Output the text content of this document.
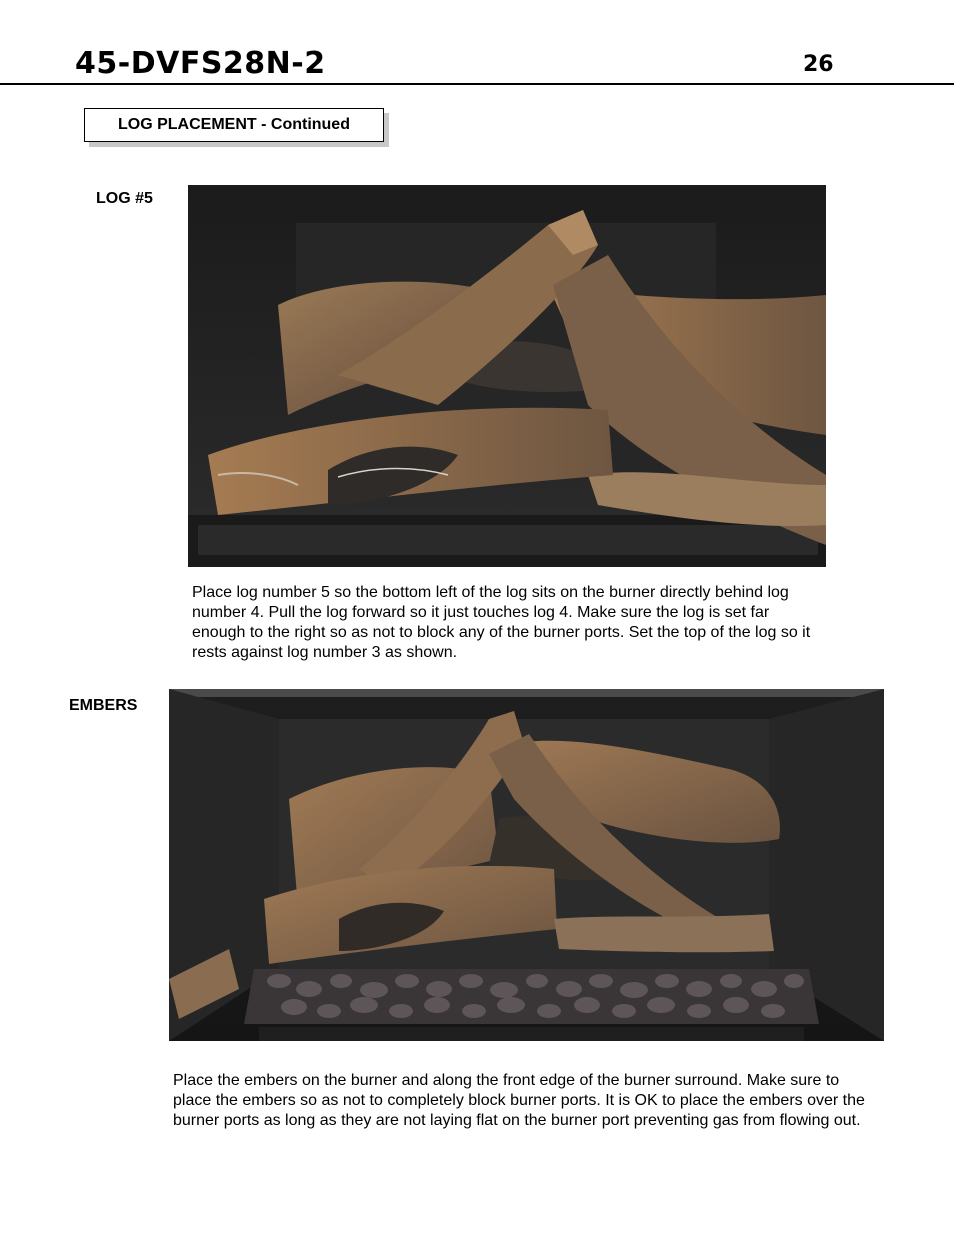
45-DVFS28N-2	26
LOG PLACEMENT - Continued
LOG #5

Place log number 5 so the bottom left of the log sits on the burner directly behind log number 4. Pull the log forward so it just touches log 4. Make sure the log is set far enough to the right so as not to block any of the burner ports. Set the top of the log so it rests against log number 3 as shown.

EMBERS

Place the embers on the burner and along the front edge of the burner surround. Make sure to place the embers so as not to completely block burner ports. It is OK to place the embers over the burner ports as long as they are not laying flat on the burner port preventing gas from flowing out.
